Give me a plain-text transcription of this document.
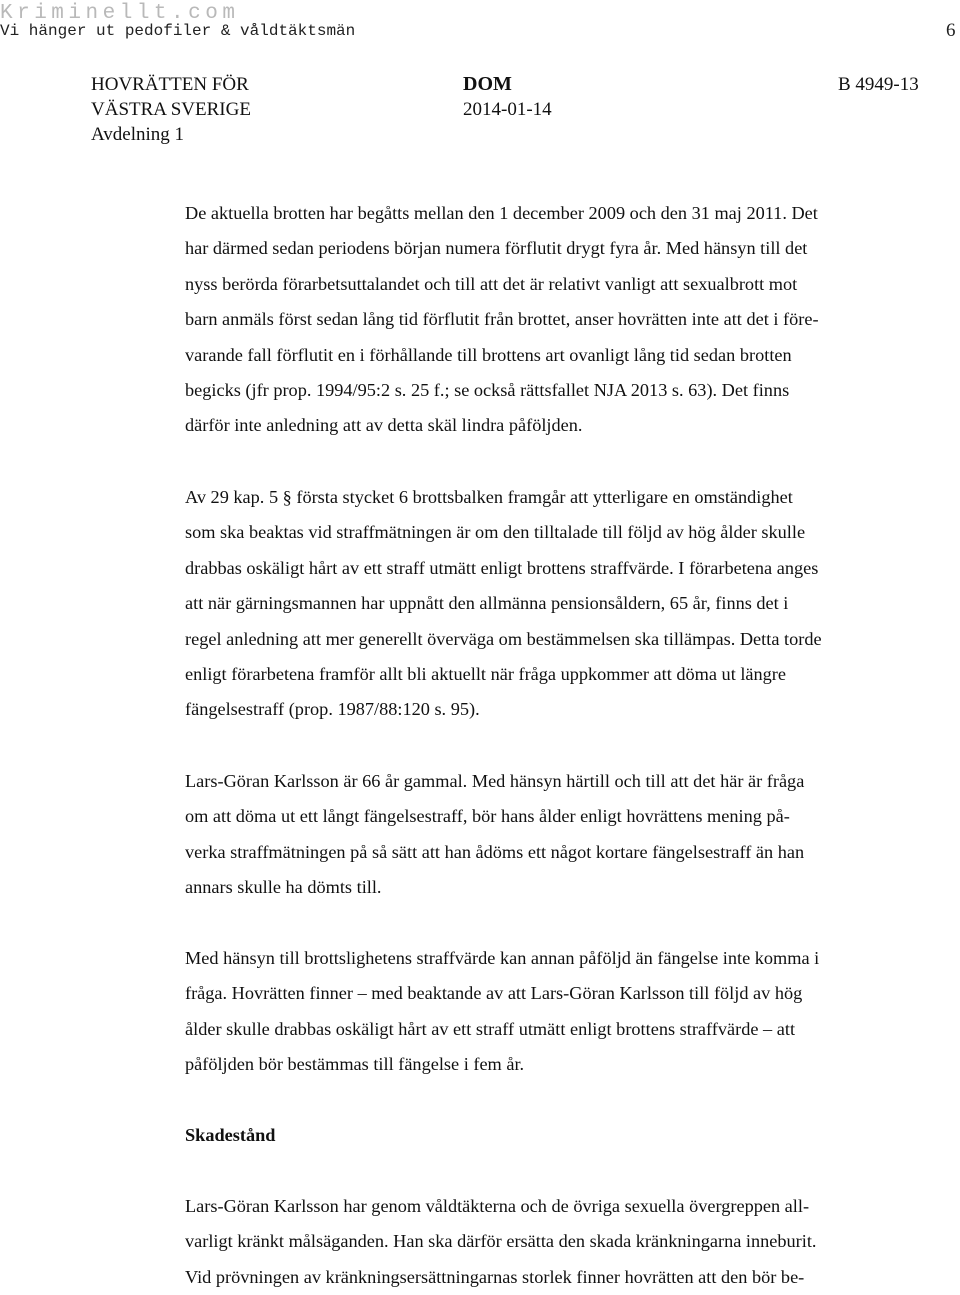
Kriminellt.com
Vi hänger ut pedofiler & våldtäktsmän	6
HOVRÄTTEN FÖR
VÄSTRA SVERIGE
Avdelning 1
DOM
2014-01-14
B 4949-13

De aktuella brotten har begåtts mellan den 1 december 2009 och den 31 maj 2011. Det

har därmed sedan periodens början numera förflutit drygt fyra år. Med hänsyn till det

nyss berörda förarbetsuttalandet och till att det är relativt vanligt att sexualbrott mot

barn anmäls först sedan lång tid förflutit från brottet, anser hovrätten inte att det i före-

varande fall förflutit en i förhållande till brottens art ovanligt lång tid sedan brotten

begicks (jfr prop. 1994/95:2 s. 25 f.; se också rättsfallet NJA 2013 s. 63). Det finns

därför inte anledning att av detta skäl lindra påföljden.

Av 29 kap. 5 § första stycket 6 brottsbalken framgår att ytterligare en omständighet

som ska beaktas vid straffmätningen är om den tilltalade till följd av hög ålder skulle

drabbas oskäligt hårt av ett straff utmätt enligt brottens straffvärde. I förarbetena anges

att när gärningsmannen har uppnått den allmänna pensionsåldern, 65 år, finns det i

regel anledning att mer generellt överväga om bestämmelsen ska tillämpas. Detta torde

enligt förarbetena framför allt bli aktuellt när fråga uppkommer att döma ut längre

fängelsestraff (prop. 1987/88:120 s. 95).

Lars-Göran Karlsson är 66 år gammal. Med hänsyn härtill och till att det här är fråga

om att döma ut ett långt fängelsestraff, bör hans ålder enligt hovrättens mening på-

verka straffmätningen på så sätt att han ådöms ett något kortare fängelsestraff än han

annars skulle ha dömts till.

Med hänsyn till brottslighetens straffvärde kan annan påföljd än fängelse inte komma i

fråga. Hovrätten finner – med beaktande av att Lars-Göran Karlsson till följd av hög

ålder skulle drabbas oskäligt hårt av ett straff utmätt enligt brottens straffvärde – att

påföljden bör bestämmas till fängelse i fem år.

Skadestånd

Lars-Göran Karlsson har genom våldtäkterna och de övriga sexuella övergreppen all-

varligt kränkt målsäganden. Han ska därför ersätta den skada kränkningarna inneburit.

Vid prövningen av kränkningsersättningarnas storlek finner hovrätten att den bör be-
